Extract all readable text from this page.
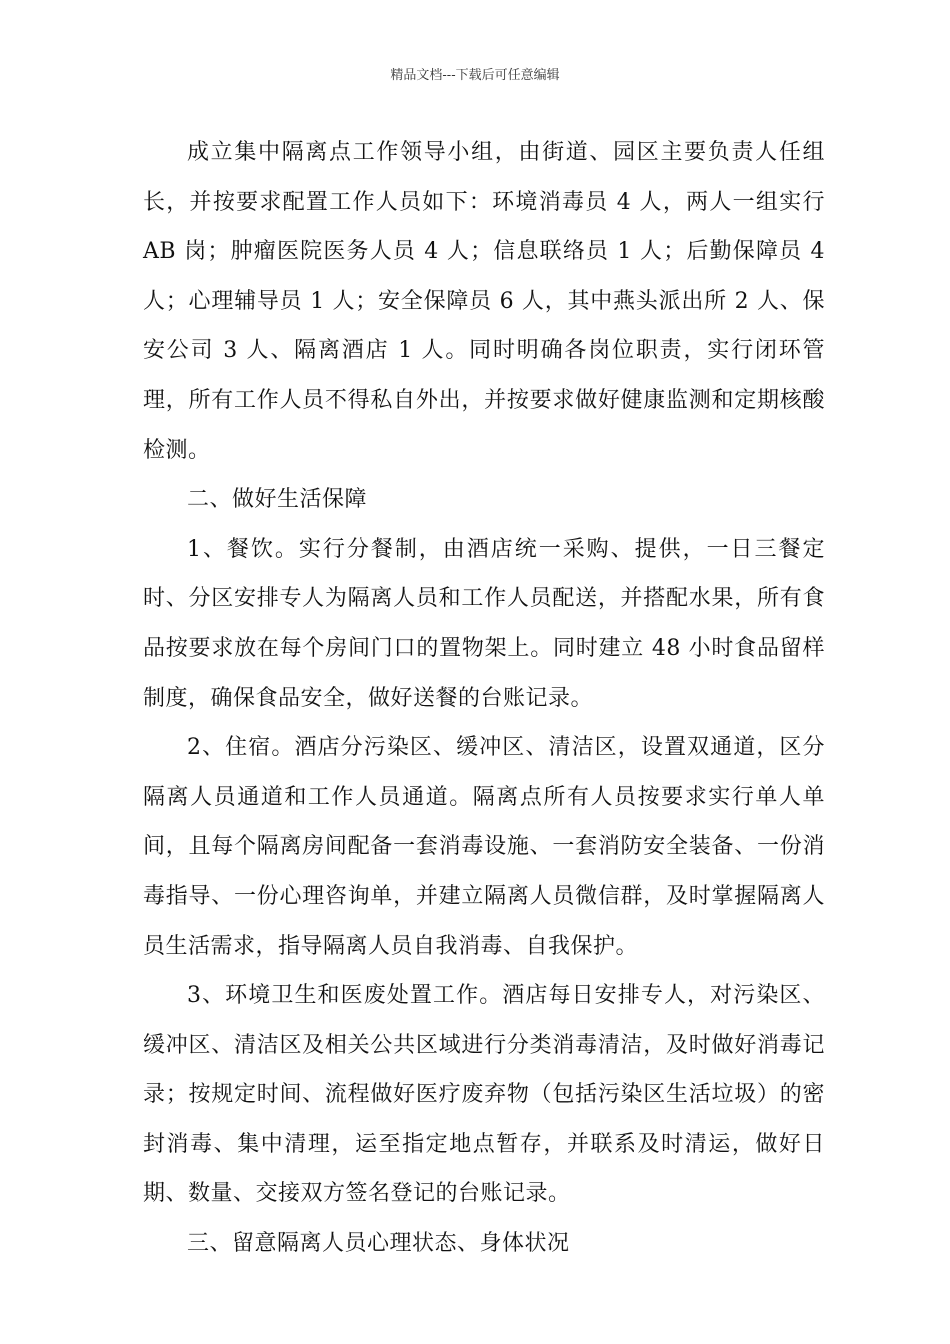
精品文档---下载后可任意编辑

成立集中隔离点工作领导小组，由街道、园区主要负责人任组长，并按要求配置工作人员如下：环境消毒员 4 人，两人一组实行 AB 岗；肿瘤医院医务人员 4 人；信息联络员 1 人；后勤保障员 4 人；心理辅导员 1 人；安全保障员 6 人，其中燕头派出所 2 人、保安公司 3 人、隔离酒店 1 人。同时明确各岗位职责，实行闭环管理，所有工作人员不得私自外出，并按要求做好健康监测和定期核酸检测。

二、做好生活保障

1、餐饮。实行分餐制，由酒店统一采购、提供，一日三餐定时、分区安排专人为隔离人员和工作人员配送，并搭配水果，所有食品按要求放在每个房间门口的置物架上。同时建立 48 小时食品留样制度，确保食品安全，做好送餐的台账记录。

2、住宿。酒店分污染区、缓冲区、清洁区，设置双通道，区分隔离人员通道和工作人员通道。隔离点所有人员按要求实行单人单间，且每个隔离房间配备一套消毒设施、一套消防安全装备、一份消毒指导、一份心理咨询单，并建立隔离人员微信群，及时掌握隔离人员生活需求，指导隔离人员自我消毒、自我保护。

3、环境卫生和医废处置工作。酒店每日安排专人，对污染区、缓冲区、清洁区及相关公共区域进行分类消毒清洁，及时做好消毒记录；按规定时间、流程做好医疗废弃物（包括污染区生活垃圾）的密封消毒、集中清理，运至指定地点暂存，并联系及时清运，做好日期、数量、交接双方签名登记的台账记录。

三、留意隔离人员心理状态、身体状况
